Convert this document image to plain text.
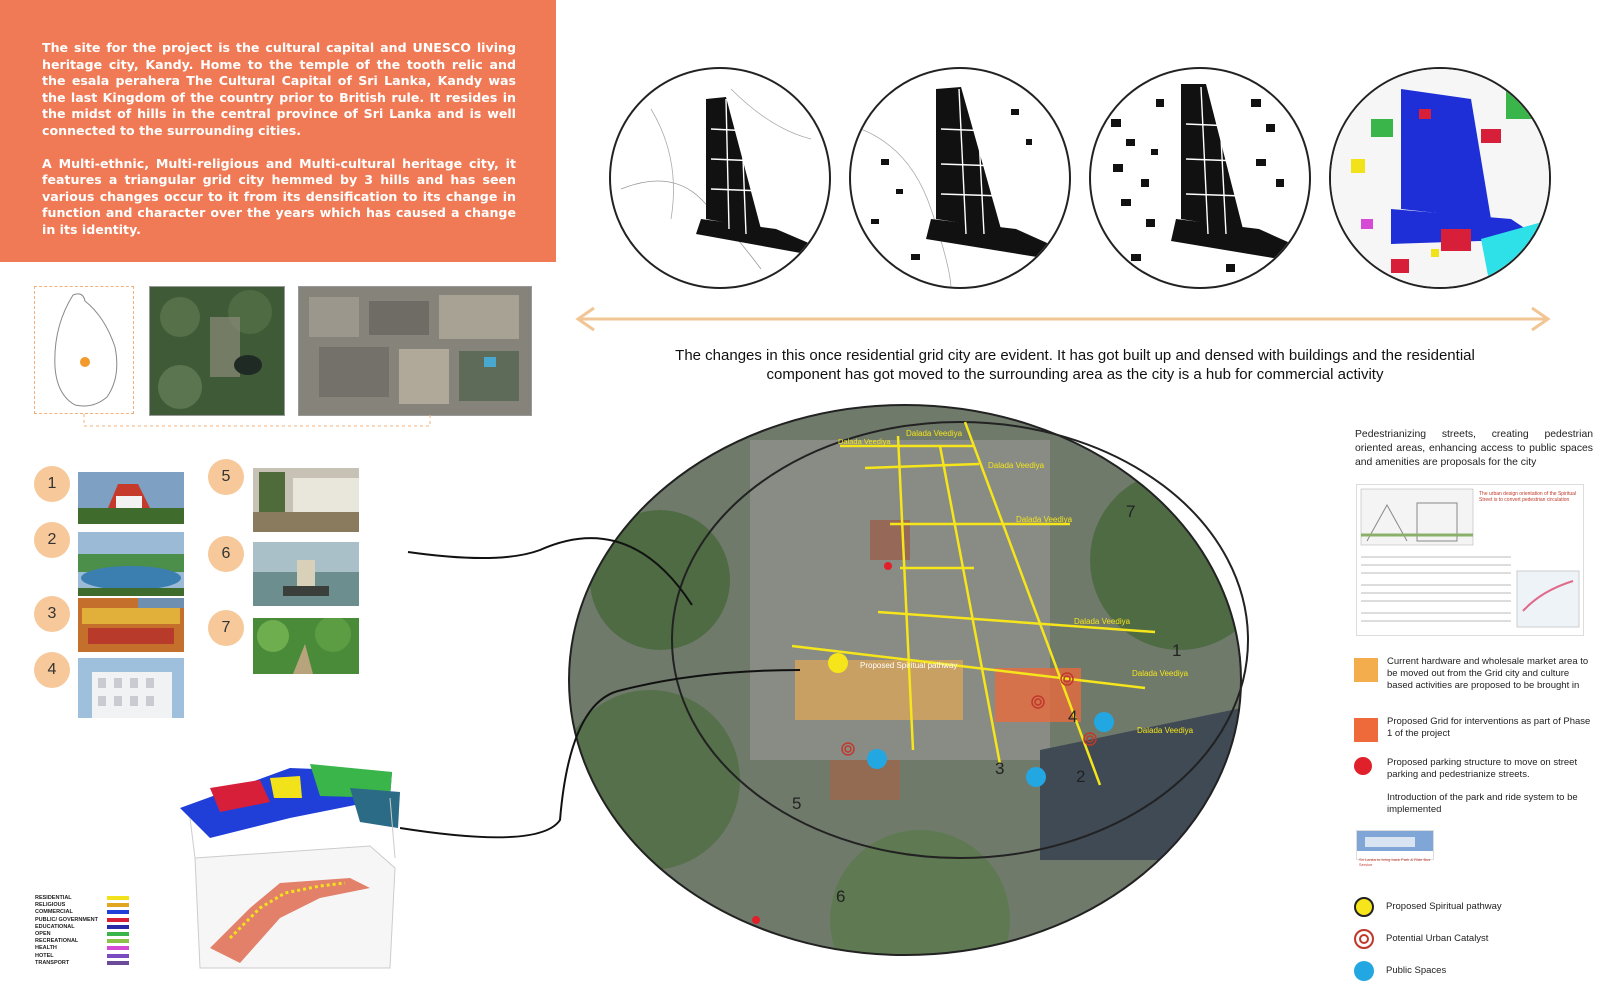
The site for the project is the cultural capital and UNESCO living heritage city, Kandy. Home to the temple of the tooth relic and the esala perahera The Cultural Capital of Sri Lanka, Kandy was the last Kingdom of the country prior to British rule. It resides in the midst of hills in the central province of Sri Lanka and is well connected to the surrounding cities.

A Multi-ethnic, Multi-religious and Multi-cultural heritage city, it features a triangular grid city hemmed by 3 hills and has seen various changes occur to it from its densification to its change in function and character over the years which has caused a change in its identity.

The changes in this once residential grid city are evident. It has got built up and densed with buildings and the residential component has got moved to the surrounding area as the city is a hub for commercial activity
1	5
2
6
3
7
4
RESIDENTIAL
RELIGIOUS
COMMERCIAL
PUBLIC/ GOVERNMENT
EDUCATIONAL
OPEN
RECREATIONAL
HEALTH
HOTEL
TRANSPORT
Dalada Veediya
Dalada Veediya
Dalada Veediya
Dalada Veediya
Dalada Veediya
Dalada Veediya
Dalada Veediya
Proposed Spiritual pathway
1
2
3
4
5
6
7
Pedestrianizing streets, creating pedestrian oriented areas, enhancing access to public spaces and amenities are proposals for the city
The urban design orientation of the Spiritual Street is to convert pedestrian circulation
Current hardware and wholesale market area to be moved out from the Grid city and culture based activities are proposed to be brought in
Proposed Grid for interventions as part of Phase 1 of the project
Proposed parking structure to move on street parking and pedestrianize streets.
Introduction of the park and ride system to be implemented
Sri Lanka to bring back Park & Ride Bus Service
Proposed Spiritual pathway
Potential Urban Catalyst
Public Spaces
